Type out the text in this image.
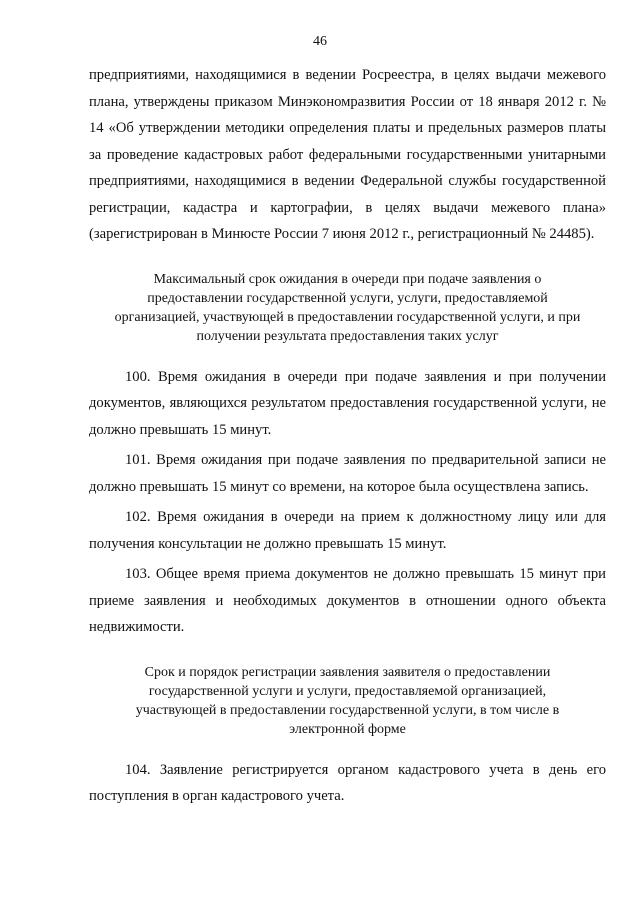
46

предприятиями, находящимися в ведении Росреестра, в целях выдачи межевого плана, утверждены приказом Минэкономразвития России от 18 января 2012 г. № 14 «Об утверждении методики определения платы и предельных размеров платы за проведение кадастровых работ федеральными государственными унитарными предприятиями, находящимися в ведении Федеральной службы государственной регистрации, кадастра и картографии, в целях выдачи межевого плана» (зарегистрирован в Минюсте России 7 июня 2012 г., регистрационный № 24485).

Максимальный срок ожидания в очереди при подаче заявления о предоставлении государственной услуги, услуги, предоставляемой организацией, участвующей в предоставлении государственной услуги, и при получении результата предоставления таких услуг

100. Время ожидания в очереди при подаче заявления и при получении документов, являющихся результатом предоставления государственной услуги, не должно превышать 15 минут.

101. Время ожидания при подаче заявления по предварительной записи не должно превышать 15 минут со времени, на которое была осуществлена запись.

102. Время ожидания в очереди на прием к должностному лицу или для получения консультации не должно превышать 15 минут.

103. Общее время приема документов не должно превышать 15 минут при приеме заявления и необходимых документов в отношении одного объекта недвижимости.

Срок и порядок регистрации заявления заявителя о предоставлении государственной услуги и услуги, предоставляемой организацией, участвующей в предоставлении государственной услуги, в том числе в электронной форме

104. Заявление регистрируется органом кадастрового учета в день его поступления в орган кадастрового учета.
